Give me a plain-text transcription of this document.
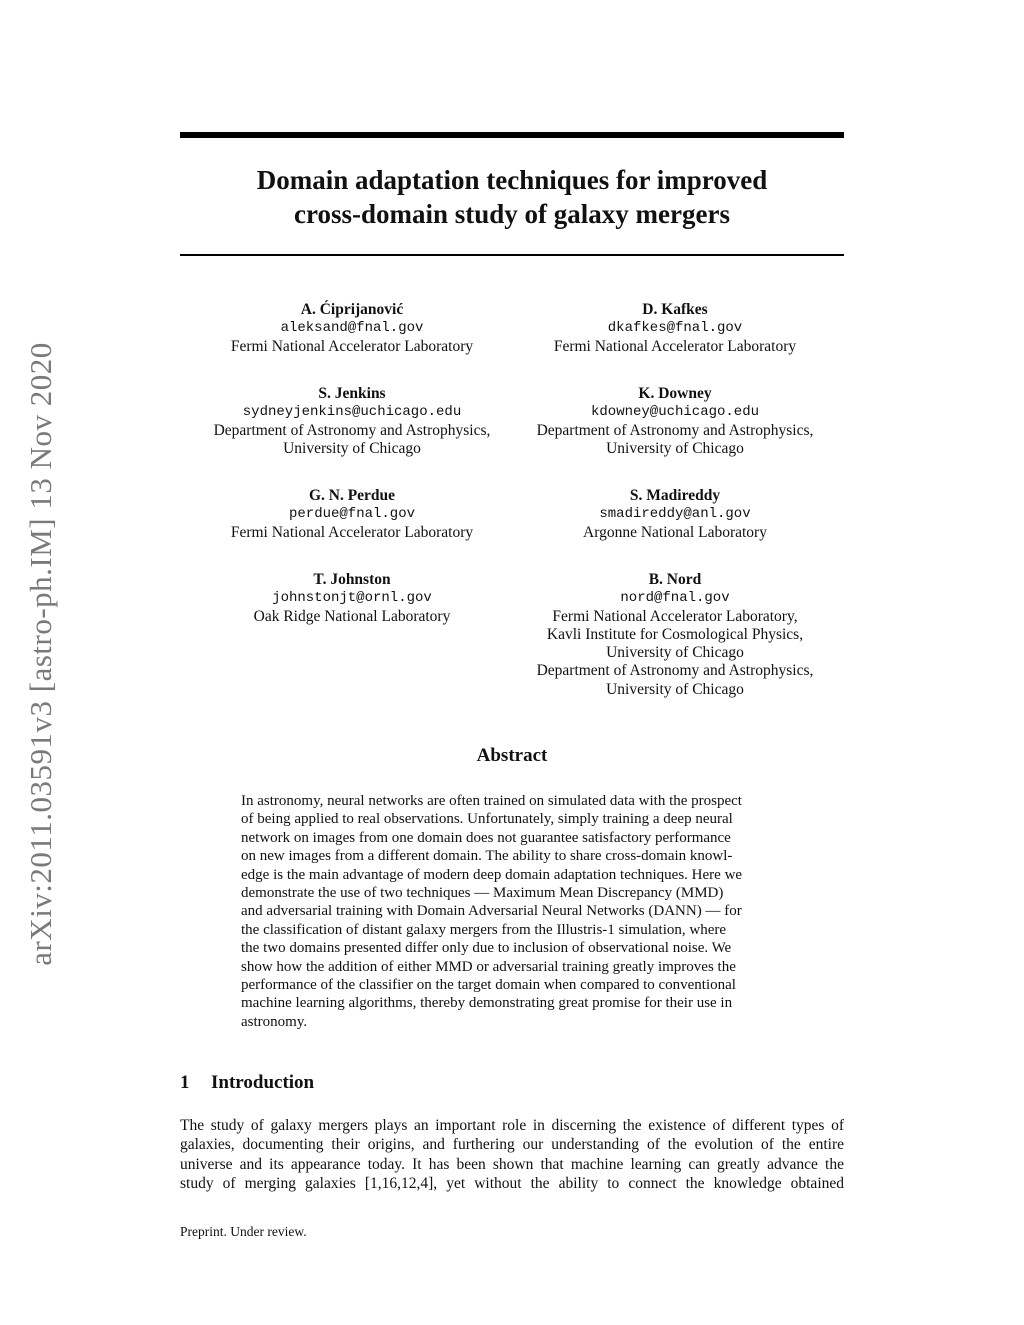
arXiv:2011.03591v3 [astro-ph.IM] 13 Nov 2020
Domain adaptation techniques for improved
cross-domain study of galaxy mergers
A. Ćiprijanović
aleksand@fnal.gov
Fermi National Accelerator Laboratory
D. Kafkes
dkafkes@fnal.gov
Fermi National Accelerator Laboratory
S. Jenkins
sydneyjenkins@uchicago.edu
Department of Astronomy and Astrophysics,
University of Chicago
K. Downey
kdowney@uchicago.edu
Department of Astronomy and Astrophysics,
University of Chicago
G. N. Perdue
perdue@fnal.gov
Fermi National Accelerator Laboratory
S. Madireddy
smadireddy@anl.gov
Argonne National Laboratory
T. Johnston
johnstonjt@ornl.gov
Oak Ridge National Laboratory
B. Nord
nord@fnal.gov
Fermi National Accelerator Laboratory,
Kavli Institute for Cosmological Physics,
University of Chicago
Department of Astronomy and Astrophysics,
University of Chicago
Abstract

In astronomy, neural networks are often trained on simulated data with the prospect
of being applied to real observations. Unfortunately, simply training a deep neural
network on images from one domain does not guarantee satisfactory performance
on new images from a different domain. The ability to share cross-domain knowl-
edge is the main advantage of modern deep domain adaptation techniques. Here we
demonstrate the use of two techniques — Maximum Mean Discrepancy (MMD)
and adversarial training with Domain Adversarial Neural Networks (DANN) — for
the classification of distant galaxy mergers from the Illustris-1 simulation, where
the two domains presented differ only due to inclusion of observational noise. We
show how the addition of either MMD or adversarial training greatly improves the
performance of the classifier on the target domain when compared to conventional
machine learning algorithms, thereby demonstrating great promise for their use in
astronomy.

1 Introduction

The study of galaxy mergers plays an important role in discerning the existence of different types of
galaxies, documenting their origins, and furthering our understanding of the evolution of the entire
universe and its appearance today. It has been shown that machine learning can greatly advance the
study of merging galaxies [1,16,12,4], yet without the ability to connect the knowledge obtained

Preprint. Under review.
